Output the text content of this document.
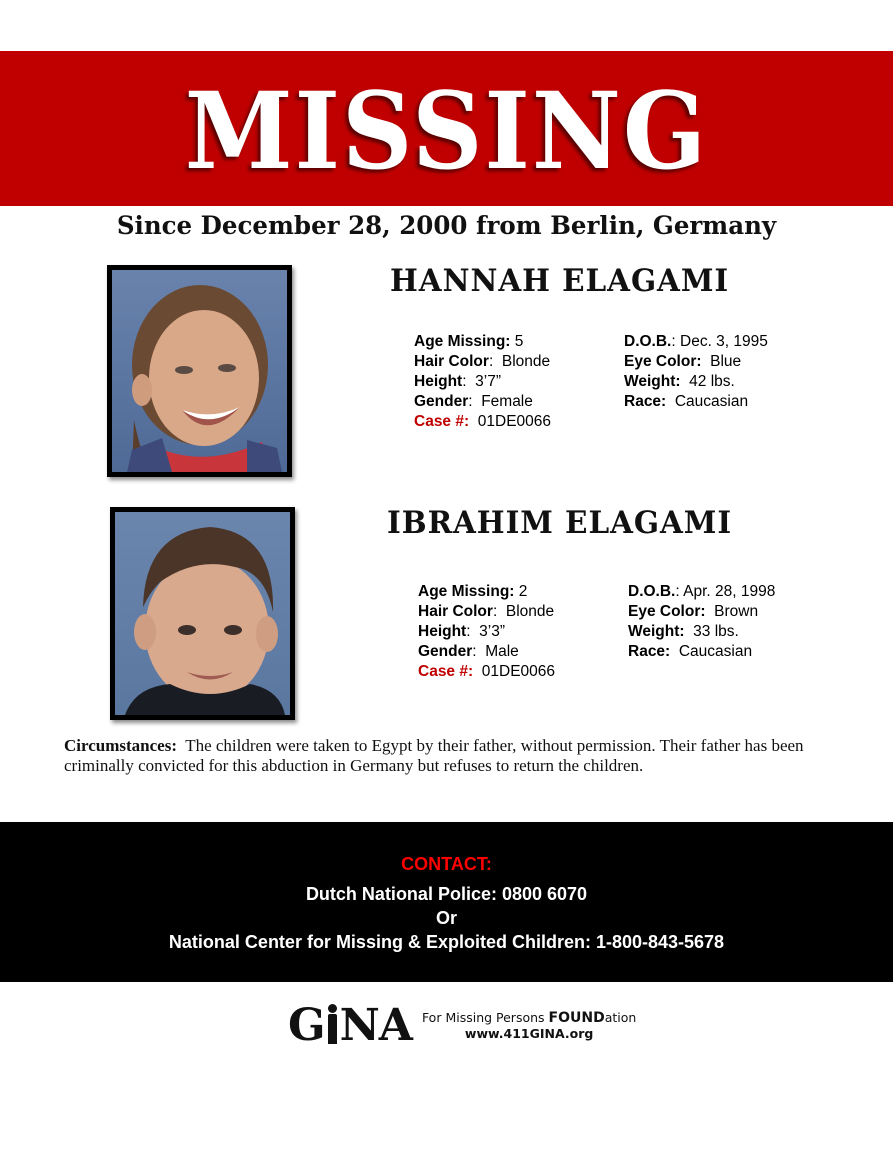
MISSING
Since December 28, 2000 from Berlin, Germany
HANNAH ELAGAMI
Age Missing: 5
Hair Color:  Blonde
Height:  3’7”
Gender:  Female
Case #: 01DE0066
D.O.B.: Dec. 3, 1995
Eye Color: Blue
Weight: 42 lbs.
Race: Caucasian
IBRAHIM ELAGAMI
Age Missing: 2
Hair Color:  Blonde
Height:  3’3”
Gender:  Male
Case #: 01DE0066
D.O.B.: Apr. 28, 1998
Eye Color: Brown
Weight: 33 lbs.
Race: Caucasian
Circumstances: The children were taken to Egypt by their father, without permission. Their father has been criminally convicted for this abduction in Germany but refuses to return the children.
CONTACT:
Dutch National Police: 0800 6070
Or
National Center for Missing & Exploited Children: 1-800-843-5678
G NA For Missing Persons FOUNDation
www.411GINA.org
